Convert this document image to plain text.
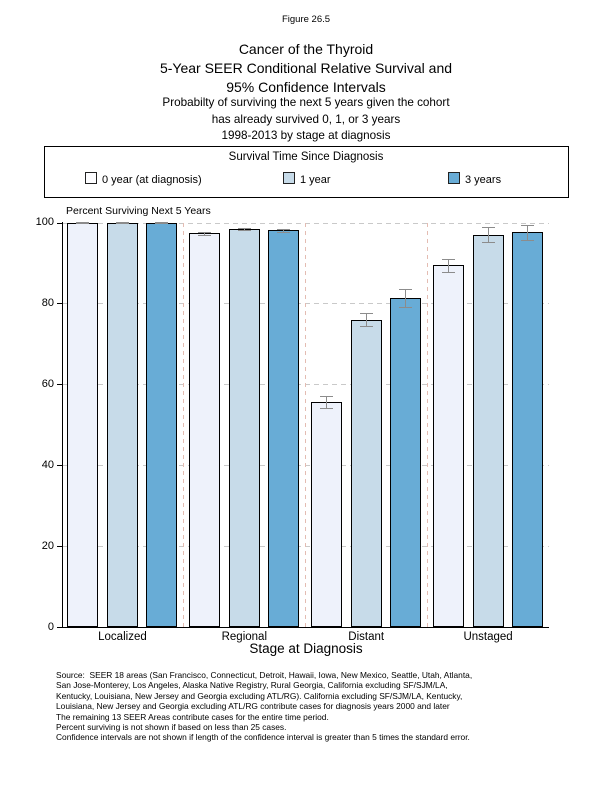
Figure 26.5
Cancer of the Thyroid
5-Year SEER Conditional Relative Survival and
95% Confidence Intervals
Probabilty of surviving the next 5 years given the cohort
has already survived 0, 1, or 3 years
1998-2013 by stage at diagnosis
Survival Time Since Diagnosis
0 year (at diagnosis)	1 year	3 years
Percent Surviving Next 5 Years
0
20
40
60
80
100
Localized	Regional	Distant	Unstaged
Stage at Diagnosis
Source:  SEER 18 areas (San Francisco, Connecticut, Detroit, Hawaii, Iowa, New Mexico, Seattle, Utah, Atlanta,
San Jose-Monterey, Los Angeles, Alaska Native Registry, Rural Georgia, California excluding SF/SJM/LA,
Kentucky, Louisiana, New Jersey and Georgia excluding ATL/RG). California excluding SF/SJM/LA, Kentucky,
Louisiana, New Jersey and Georgia excluding ATL/RG contribute cases for diagnosis years 2000 and later
The remaining 13 SEER Areas contribute cases for the entire time period.
Percent surviving is not shown if based on less than 25 cases.
Confidence intervals are not shown if length of the confidence interval is greater than 5 times the standard error.
